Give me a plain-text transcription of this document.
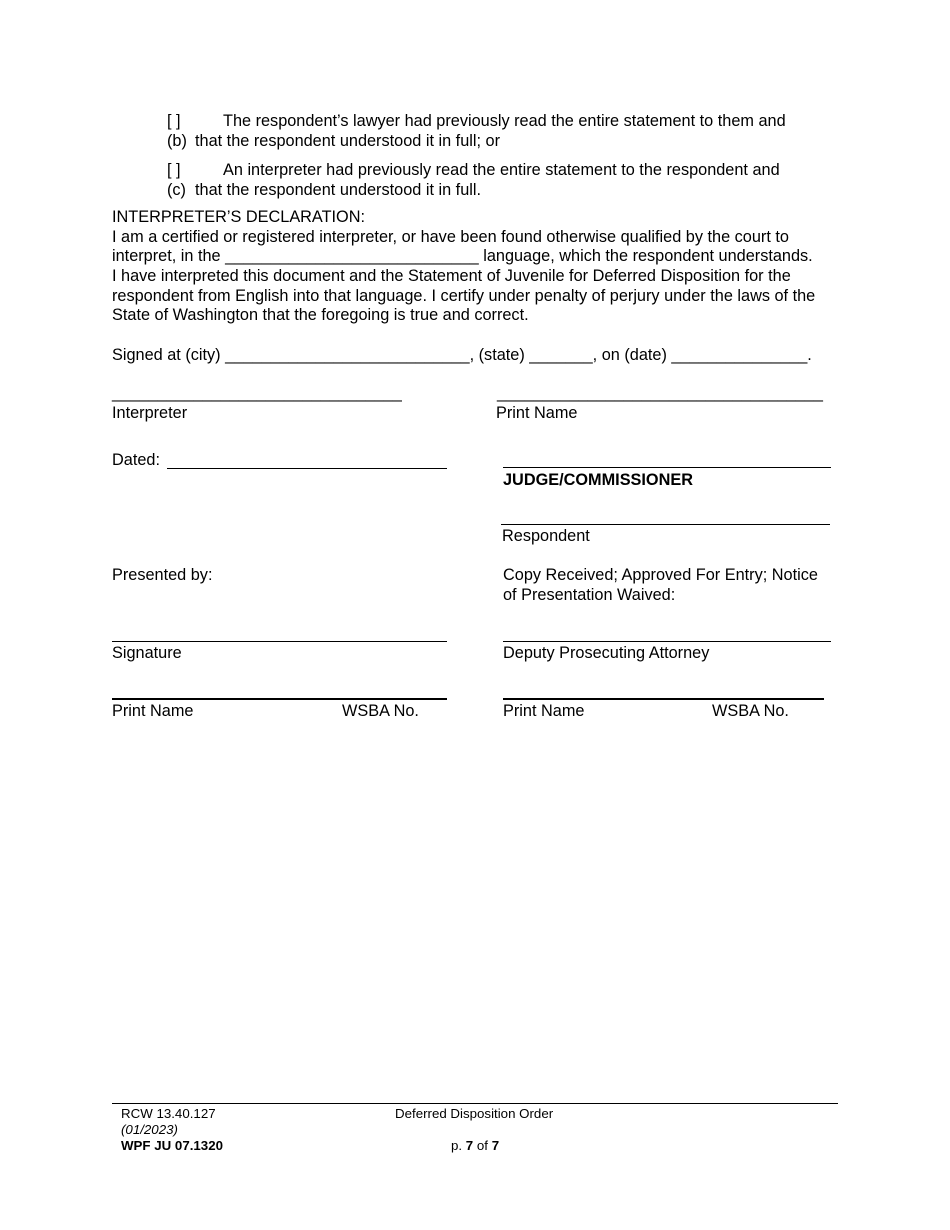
[ ] (b)
The respondent’s lawyer had previously read the entire statement to them and
that the respondent understood it in full; or
[ ] (c)
An interpreter had previously read the entire statement to the respondent and
that the respondent understood it in full.
INTERPRETER’S DECLARATION:
I am a certified or registered interpreter, or have been found otherwise qualified by the court to
interpret, in the ____________________________ language, which the respondent understands.
I have interpreted this document and the Statement of Juvenile for Deferred Disposition for the
respondent from English into that language. I certify under penalty of perjury under the laws of the
State of Washington that the foregoing is true and correct.
Signed at (city) ___________________________, (state) _______, on (date) _______________.
________________________________
Interpreter
____________________________________
Print Name
Dated:
JUDGE/COMMISSIONER
Respondent
Presented by:	Copy Received; Approved For Entry; Notice
of Presentation Waived:
Signature	Deputy Prosecuting Attorney
Print Name	WSBA No.	Print Name	WSBA No.
RCW 13.40.127
(01/2023)
WPF JU 07.1320
Deferred Disposition Order
p. 7 of 7
